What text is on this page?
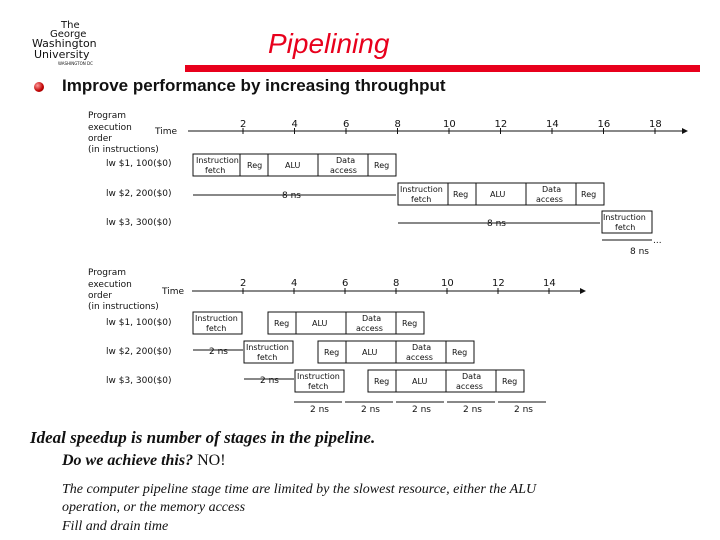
The
George
Washington
University
WASHINGTON DC
Pipelining
Improve performance by increasing throughput
Program
execution
order
(in instructions)
Time
2	4	6	8	10	12	14	16	18
lw $1, 100($0)
lw $2, 200($0)
lw $3, 300($0)
Instruction
fetch
Reg	ALU
Data
access
Reg
8 ns
Instruction
fetch
Reg	ALU
Data
access
Reg
8 ns
Instruction
fetch
...
8 ns
Program
execution
order
(in instructions)
Time
2	4	6	8	10	12	14
lw $1, 100($0)
lw $2, 200($0)
lw $3, 300($0)
Instruction
fetch
Reg	ALU
Data
access
Reg
2 ns Instruction
fetch
Reg	ALU
Data
access
Reg
2 ns Instruction
fetch
Reg	ALU
Data
access
Reg
2 ns	2 ns	2 ns	2 ns	2 ns
Ideal speedup is number of stages in the pipeline.
Do we achieve this? NO!
The computer pipeline stage time are limited by the slowest resource, either the ALU
operation, or the memory access
Fill and drain time
